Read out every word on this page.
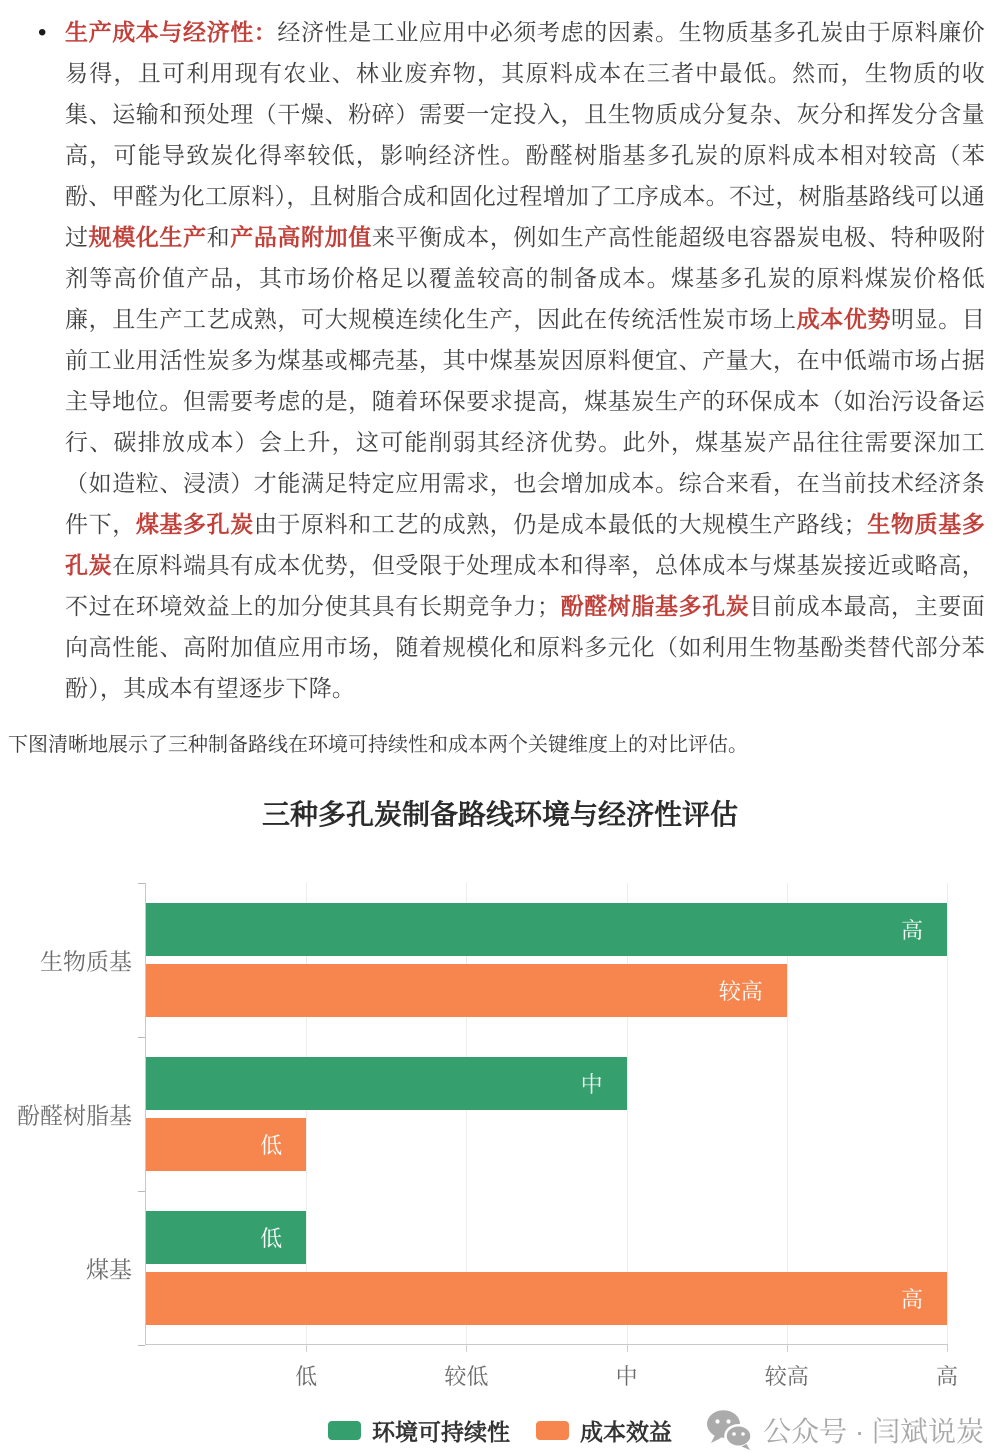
• 生产成本与经济性：经济性是工业应用中必须考虑的因素。生物质基多孔炭由于原料廉价易得，且可利用现有农业、林业废弃物，其原料成本在三者中最低。然而，生物质的收集、运输和预处理（干燥、粉碎）需要一定投入，且生物质成分复杂、灰分和挥发分含量高，可能导致炭化得率较低，影响经济性。酚醛树脂基多孔炭的原料成本相对较高（苯酚、甲醛为化工原料），且树脂合成和固化过程增加了工序成本。不过，树脂基路线可以通过规模化生产和产品高附加值来平衡成本，例如生产高性能超级电容器炭电极、特种吸附剂等高价值产品，其市场价格足以覆盖较高的制备成本。煤基多孔炭的原料煤炭价格低廉，且生产工艺成熟，可大规模连续化生产，因此在传统活性炭市场上成本优势明显。目前工业用活性炭多为煤基或椰壳基，其中煤基炭因原料便宜、产量大，在中低端市场占据主导地位。但需要考虑的是，随着环保要求提高，煤基炭生产的环保成本（如治污设备运行、碳排放成本）会上升，这可能削弱其经济优势。此外，煤基炭产品往往需要深加工（如造粒、浸渍）才能满足特定应用需求，也会增加成本。综合来看，在当前技术经济条件下，煤基多孔炭由于原料和工艺的成熟，仍是成本最低的大规模生产路线；生物质基多孔炭在原料端具有成本优势，但受限于处理成本和得率，总体成本与煤基炭接近或略高，不过在环境效益上的加分使其具有长期竞争力；酚醛树脂基多孔炭目前成本最高，主要面向高性能、高附加值应用市场，随着规模化和原料多元化（如利用生物基酚类替代部分苯酚），其成本有望逐步下降。

下图清晰地展示了三种制备路线在环境可持续性和成本两个关键维度上的对比评估。

三种多孔炭制备路线环境与经济性评估
低	较低	中	较高	高
生物质基
高
较高
酚醛树脂基
中
低
煤基
低
高
环境可持续性	成本效益	公众号 · 闫斌说炭
